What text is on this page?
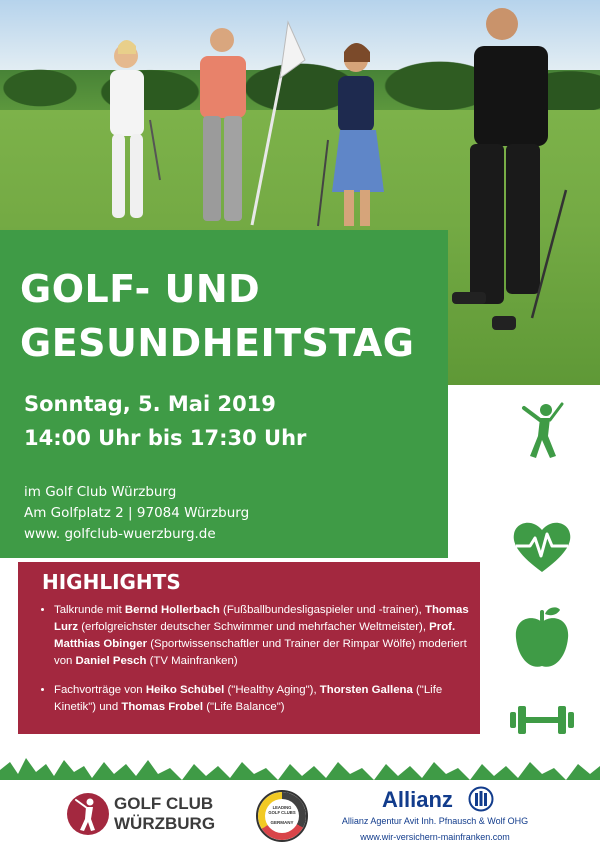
GOLF- UND
GESUNDHEITSTAG
Sonntag, 5. Mai 2019
14:00 Uhr bis 17:30 Uhr
im Golf Club Würzburg
Am Golfplatz 2 | 97084 Würzburg
www. golfclub-wuerzburg.de
HIGHLIGHTS
• Talkrunde mit Bernd Hollerbach (Fußballbundesligaspieler und -trainer), Thomas Lurz (erfolgreichster deutscher Schwimmer und mehrfacher Weltmeister), Prof. Matthias Obinger (Sportwissenschaftler und Trainer der Rimpar Wölfe) moderiert von Daniel Pesch (TV Mainfranken)
• Fachvorträge von Heiko Schübel ("Healthy Aging"), Thorsten Gallena ("Life Kinetik") und Thomas Frobel ("Life Balance")
GOLF CLUB
WÜRZBURG
LEADING GOLF CLUBS
GERMANY
Allianz
Allianz Agentur Avit Inh. Pfnausch & Wolf OHG
www.wir-versichern-mainfranken.com
